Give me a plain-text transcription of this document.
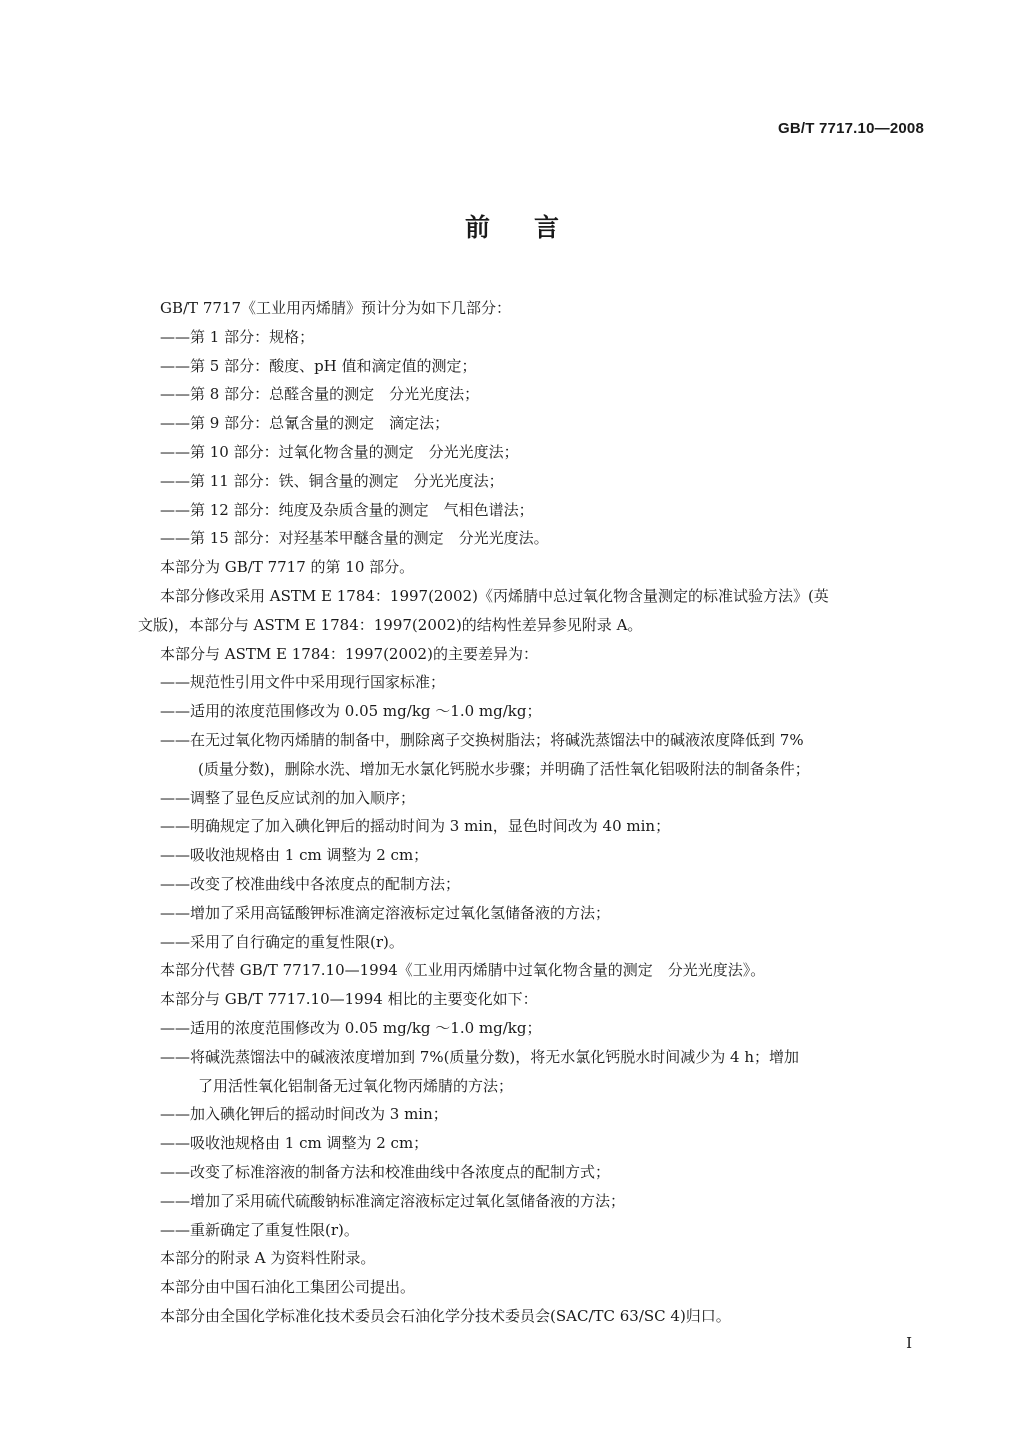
GB/T 7717.10—2008
前言
GB/T 7717《工业用丙烯腈》预计分为如下几部分：
——第 1 部分：规格；
——第 5 部分：酸度、pH 值和滴定值的测定；
——第 8 部分：总醛含量的测定　分光光度法；
——第 9 部分：总氰含量的测定　滴定法；
——第 10 部分：过氧化物含量的测定　分光光度法；
——第 11 部分：铁、铜含量的测定　分光光度法；
——第 12 部分：纯度及杂质含量的测定　气相色谱法；
——第 15 部分：对羟基苯甲醚含量的测定　分光光度法。
本部分为 GB/T 7717 的第 10 部分。
本部分修改采用 ASTM E 1784：1997(2002)《丙烯腈中总过氧化物含量测定的标准试验方法》(英
文版)，本部分与 ASTM E 1784：1997(2002)的结构性差异参见附录 A。
本部分与 ASTM E 1784：1997(2002)的主要差异为：
——规范性引用文件中采用现行国家标准；
——适用的浓度范围修改为 0.05 mg/kg ～1.0 mg/kg；
——在无过氧化物丙烯腈的制备中，删除离子交换树脂法；将碱洗蒸馏法中的碱液浓度降低到 7%
(质量分数)，删除水洗、增加无水氯化钙脱水步骤；并明确了活性氧化铝吸附法的制备条件；
——调整了显色反应试剂的加入顺序；
——明确规定了加入碘化钾后的摇动时间为 3 min，显色时间改为 40 min；
——吸收池规格由 1 cm 调整为 2 cm；
——改变了校准曲线中各浓度点的配制方法；
——增加了采用高锰酸钾标准滴定溶液标定过氧化氢储备液的方法；
——采用了自行确定的重复性限(r)。
本部分代替 GB/T 7717.10—1994《工业用丙烯腈中过氧化物含量的测定　分光光度法》。
本部分与 GB/T 7717.10—1994 相比的主要变化如下：
——适用的浓度范围修改为 0.05 mg/kg ～1.0 mg/kg；
——将碱洗蒸馏法中的碱液浓度增加到 7%(质量分数)，将无水氯化钙脱水时间减少为 4 h；增加
了用活性氧化铝制备无过氧化物丙烯腈的方法；
——加入碘化钾后的摇动时间改为 3 min；
——吸收池规格由 1 cm 调整为 2 cm；
——改变了标准溶液的制备方法和校准曲线中各浓度点的配制方式；
——增加了采用硫代硫酸钠标准滴定溶液标定过氧化氢储备液的方法；
——重新确定了重复性限(r)。
本部分的附录 A 为资料性附录。
本部分由中国石油化工集团公司提出。
本部分由全国化学标准化技术委员会石油化学分技术委员会(SAC/TC 63/SC 4)归口。
I
